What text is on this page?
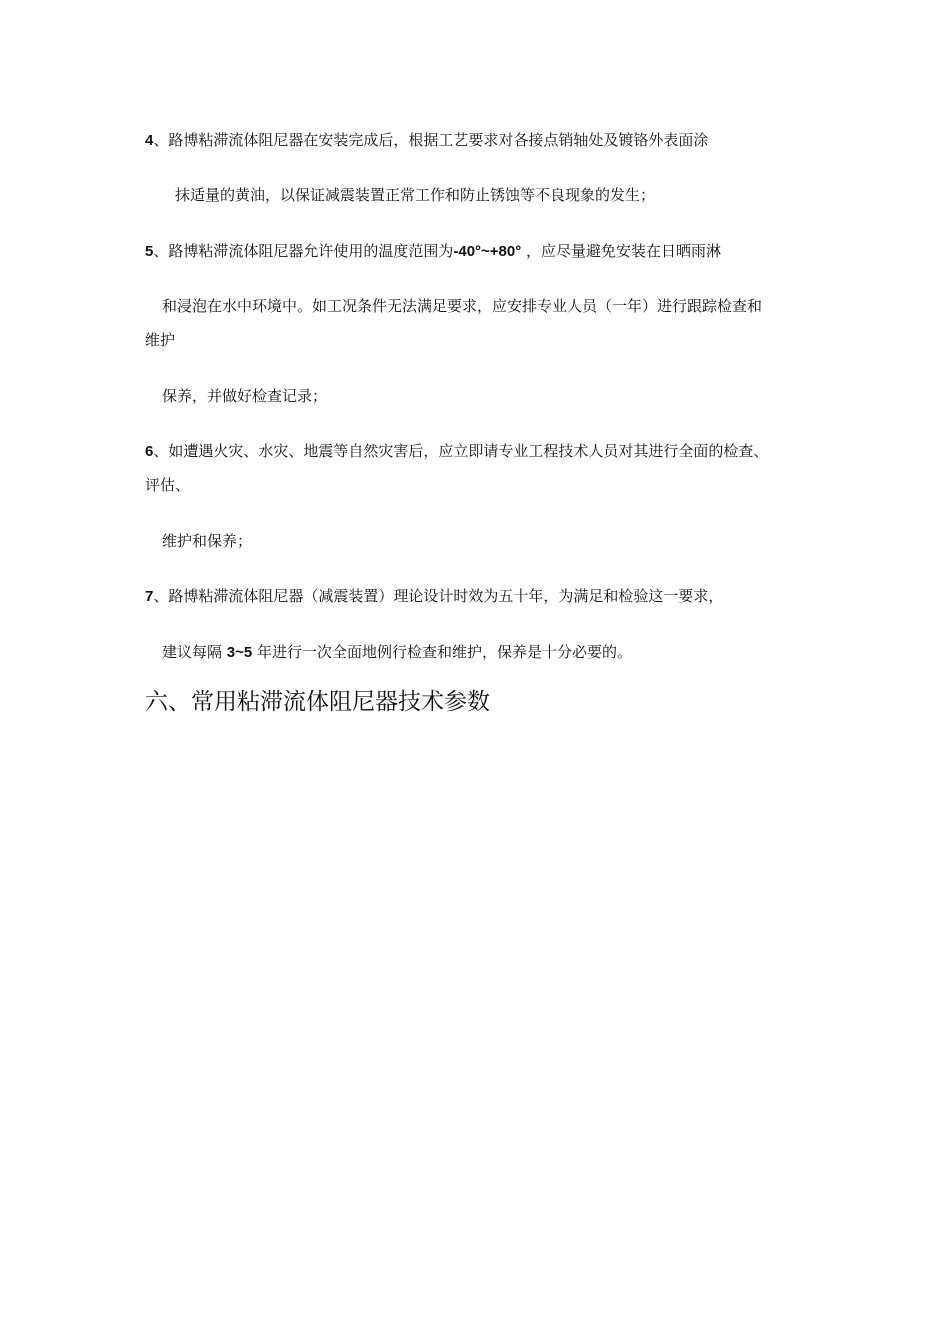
4、路博粘滞流体阻尼器在安装完成后，根据工艺要求对各接点销轴处及镀铬外表面涂
抹适量的黄油，以保证减震装置正常工作和防止锈蚀等不良现象的发生；
5、路博粘滞流体阻尼器允许使用的温度范围为-40°~+80° ，应尽量避免安装在日晒雨淋
和浸泡在水中环境中。如工况条件无法满足要求，应安排专业人员（一年）进行跟踪检查和
维护
保养，并做好检查记录；
6、如遭遇火灾、水灾、地震等自然灾害后，应立即请专业工程技术人员对其进行全面的检查、
评估、
维护和保养；
7、路博粘滞流体阻尼器（减震装置）理论设计时效为五十年，为满足和检验这一要求，
建议每隔 3~5 年进行一次全面地例行检查和维护，保养是十分必要的。
六、常用粘滞流体阻尼器技术参数
